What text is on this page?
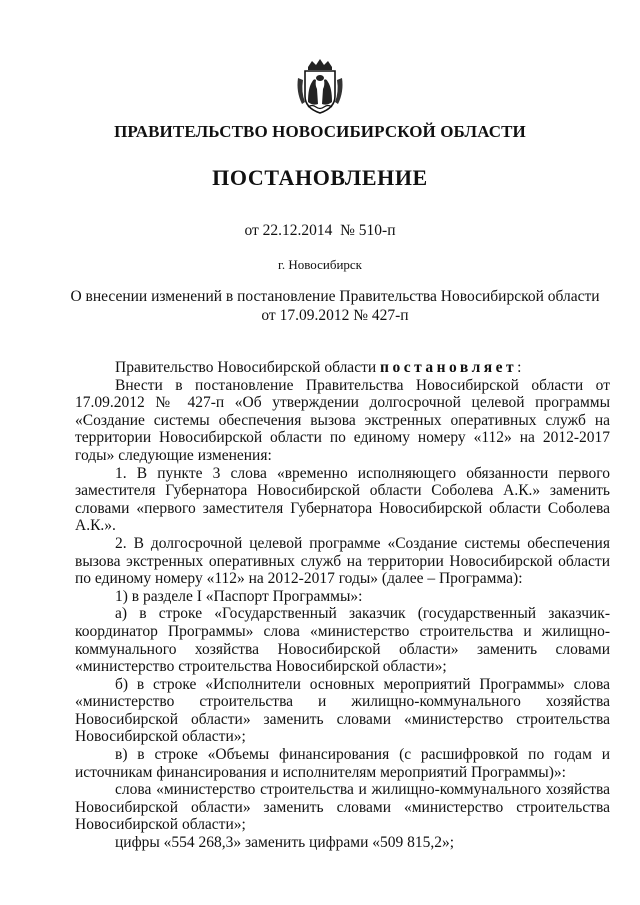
ПРАВИТЕЛЬСТВО НОВОСИБИРСКОЙ ОБЛАСТИ
ПОСТАНОВЛЕНИЕ
от 22.12.2014  № 510-п
г. Новосибирск
О внесении изменений в постановление Правительства Новосибирской области
от 17.09.2012 № 427-п

Правительство Новосибирской области постановляет:

Внести в постановление Правительства Новосибирской области от 17.09.2012 № 427-п «Об утверждении долгосрочной целевой программы «Создание системы обеспечения вызова экстренных оперативных служб на территории Новосибирской области по единому номеру «112» на 2012-2017 годы» следующие изменения:

1. В пункте 3 слова «временно исполняющего обязанности первого заместителя Губернатора Новосибирской области Соболева А.К.» заменить словами «первого заместителя Губернатора Новосибирской области Соболева А.К.».

2. В долгосрочной целевой программе «Создание системы обеспечения вызова экстренных оперативных служб на территории Новосибирской области по единому номеру «112» на 2012-2017 годы» (далее – Программа):

1) в разделе I «Паспорт Программы»:

а) в строке «Государственный заказчик (государственный заказчик-координатор Программы» слова «министерство строительства и жилищно-коммунального хозяйства Новосибирской области» заменить словами «министерство строительства Новосибирской области»;

б) в строке «Исполнители основных мероприятий Программы» слова «министерство строительства и жилищно-коммунального хозяйства Новосибирской области» заменить словами «министерство строительства Новосибирской области»;

в) в строке «Объемы финансирования (с расшифровкой по годам и источникам финансирования и исполнителям мероприятий Программы)»:

слова «министерство строительства и жилищно-коммунального хозяйства Новосибирской области» заменить словами «министерство строительства Новосибирской области»;

цифры «554 268,3» заменить цифрами «509 815,2»;
